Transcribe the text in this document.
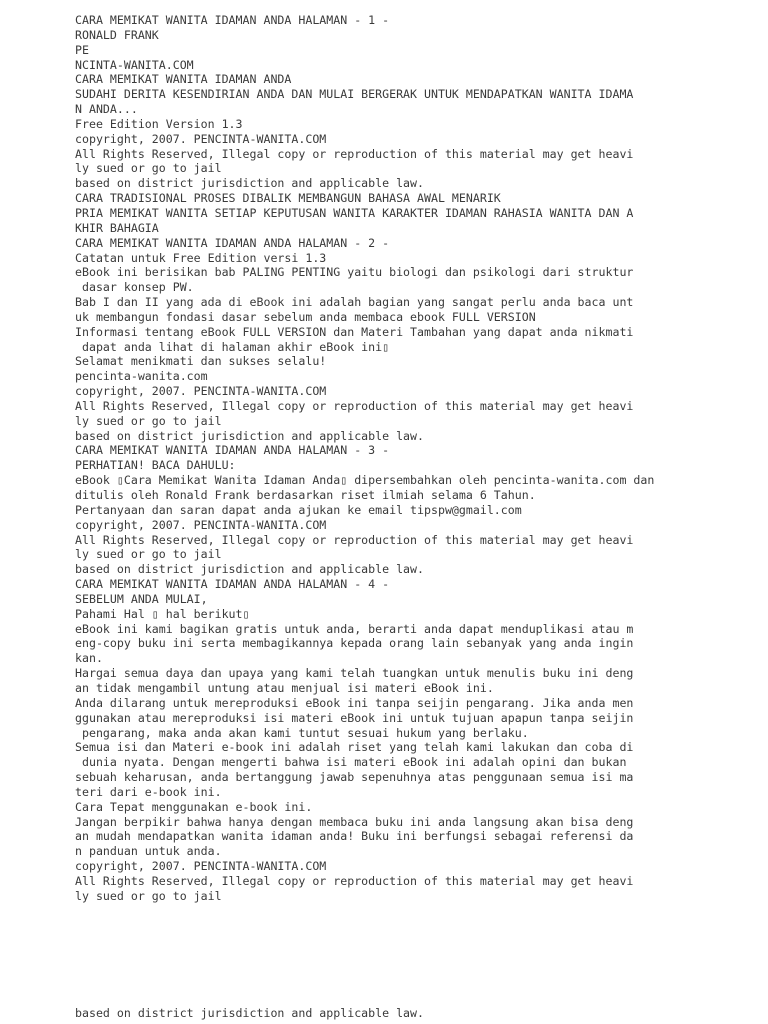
CARA MEMIKAT WANITA IDAMAN ANDA HALAMAN - 1 -
RONALD FRANK
PE
NCINTA-WANITA.COM
CARA MEMIKAT WANITA IDAMAN ANDA
SUDAHI DERITA KESENDIRIAN ANDA DAN MULAI BERGERAK UNTUK MENDAPATKAN WANITA IDAMA
N ANDA...
Free Edition Version 1.3
copyright, 2007. PENCINTA-WANITA.COM
All Rights Reserved, Illegal copy or reproduction of this material may get heavi
ly sued or go to jail
based on district jurisdiction and applicable law.
CARA TRADISIONAL PROSES DIBALIK MEMBANGUN BAHASA AWAL MENARIK
PRIA MEMIKAT WANITA SETIAP KEPUTUSAN WANITA KARAKTER IDAMAN RAHASIA WANITA DAN A
KHIR BAHAGIA
CARA MEMIKAT WANITA IDAMAN ANDA HALAMAN - 2 -
Catatan untuk Free Edition versi 1.3
eBook ini berisikan bab PALING PENTING yaitu biologi dan psikologi dari struktur
dasar konsep PW.
Bab I dan II yang ada di eBook ini adalah bagian yang sangat perlu anda baca unt
uk membangun fondasi dasar sebelum anda membaca ebook FULL VERSION
Informasi tentang eBook FULL VERSION dan Materi Tambahan yang dapat anda nikmati
dapat anda lihat di halaman akhir eBook ini▯
Selamat menikmati dan sukses selalu!
pencinta-wanita.com
copyright, 2007. PENCINTA-WANITA.COM
All Rights Reserved, Illegal copy or reproduction of this material may get heavi
ly sued or go to jail
based on district jurisdiction and applicable law.
CARA MEMIKAT WANITA IDAMAN ANDA HALAMAN - 3 -
PERHATIAN! BACA DAHULU:
eBook ▯Cara Memikat Wanita Idaman Anda▯ dipersembahkan oleh pencinta-wanita.com dan
ditulis oleh Ronald Frank berdasarkan riset ilmiah selama 6 Tahun.
Pertanyaan dan saran dapat anda ajukan ke email tipspw@gmail.com
copyright, 2007. PENCINTA-WANITA.COM
All Rights Reserved, Illegal copy or reproduction of this material may get heavi
ly sued or go to jail
based on district jurisdiction and applicable law.
CARA MEMIKAT WANITA IDAMAN ANDA HALAMAN - 4 -
SEBELUM ANDA MULAI,
Pahami Hal ▯ hal berikut▯
eBook ini kami bagikan gratis untuk anda, berarti anda dapat menduplikasi atau m
eng-copy buku ini serta membagikannya kepada orang lain sebanyak yang anda ingin
kan.
Hargai semua daya dan upaya yang kami telah tuangkan untuk menulis buku ini deng
an tidak mengambil untung atau menjual isi materi eBook ini.
Anda dilarang untuk mereproduksi eBook ini tanpa seijin pengarang. Jika anda men
ggunakan atau mereproduksi isi materi eBook ini untuk tujuan apapun tanpa seijin
pengarang, maka anda akan kami tuntut sesuai hukum yang berlaku.
Semua isi dan Materi e-book ini adalah riset yang telah kami lakukan dan coba di
dunia nyata. Dengan mengerti bahwa isi materi eBook ini adalah opini dan bukan
sebuah keharusan, anda bertanggung jawab sepenuhnya atas penggunaan semua isi ma
teri dari e-book ini.
Cara Tepat menggunakan e-book ini.
Jangan berpikir bahwa hanya dengan membaca buku ini anda langsung akan bisa deng
an mudah mendapatkan wanita idaman anda! Buku ini berfungsi sebagai referensi da
n panduan untuk anda.
copyright, 2007. PENCINTA-WANITA.COM
All Rights Reserved, Illegal copy or reproduction of this material may get heavi
ly sued or go to jail
based on district jurisdiction and applicable law.
